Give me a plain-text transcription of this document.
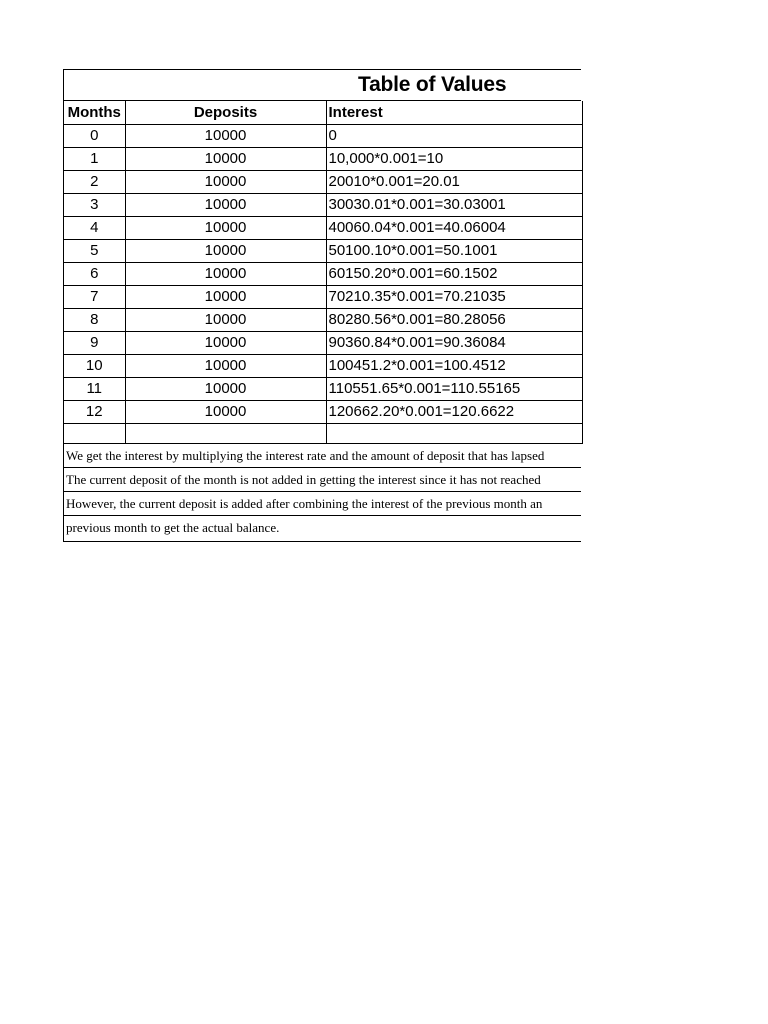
Table of Values
Months	Deposits	Interest
0	10000	0
1	10000	10,000*0.001=10
2	10000	20010*0.001=20.01
3	10000	30030.01*0.001=30.03001
4	10000	40060.04*0.001=40.06004
5	10000	50100.10*0.001=50.1001
6	10000	60150.20*0.001=60.1502
7	10000	70210.35*0.001=70.21035
8	10000	80280.56*0.001=80.28056
9	10000	90360.84*0.001=90.36084
10	10000	100451.2*0.001=100.4512
11	10000	110551.65*0.001=110.55165
12	10000	120662.20*0.001=120.6622

We get the interest by multiplying the interest rate and the amount of deposit that has lapsed
The current deposit of the month is not added in getting the interest since it has not reached
However, the current deposit is added after combining the interest of the previous month an
previous month to get the actual balance.
